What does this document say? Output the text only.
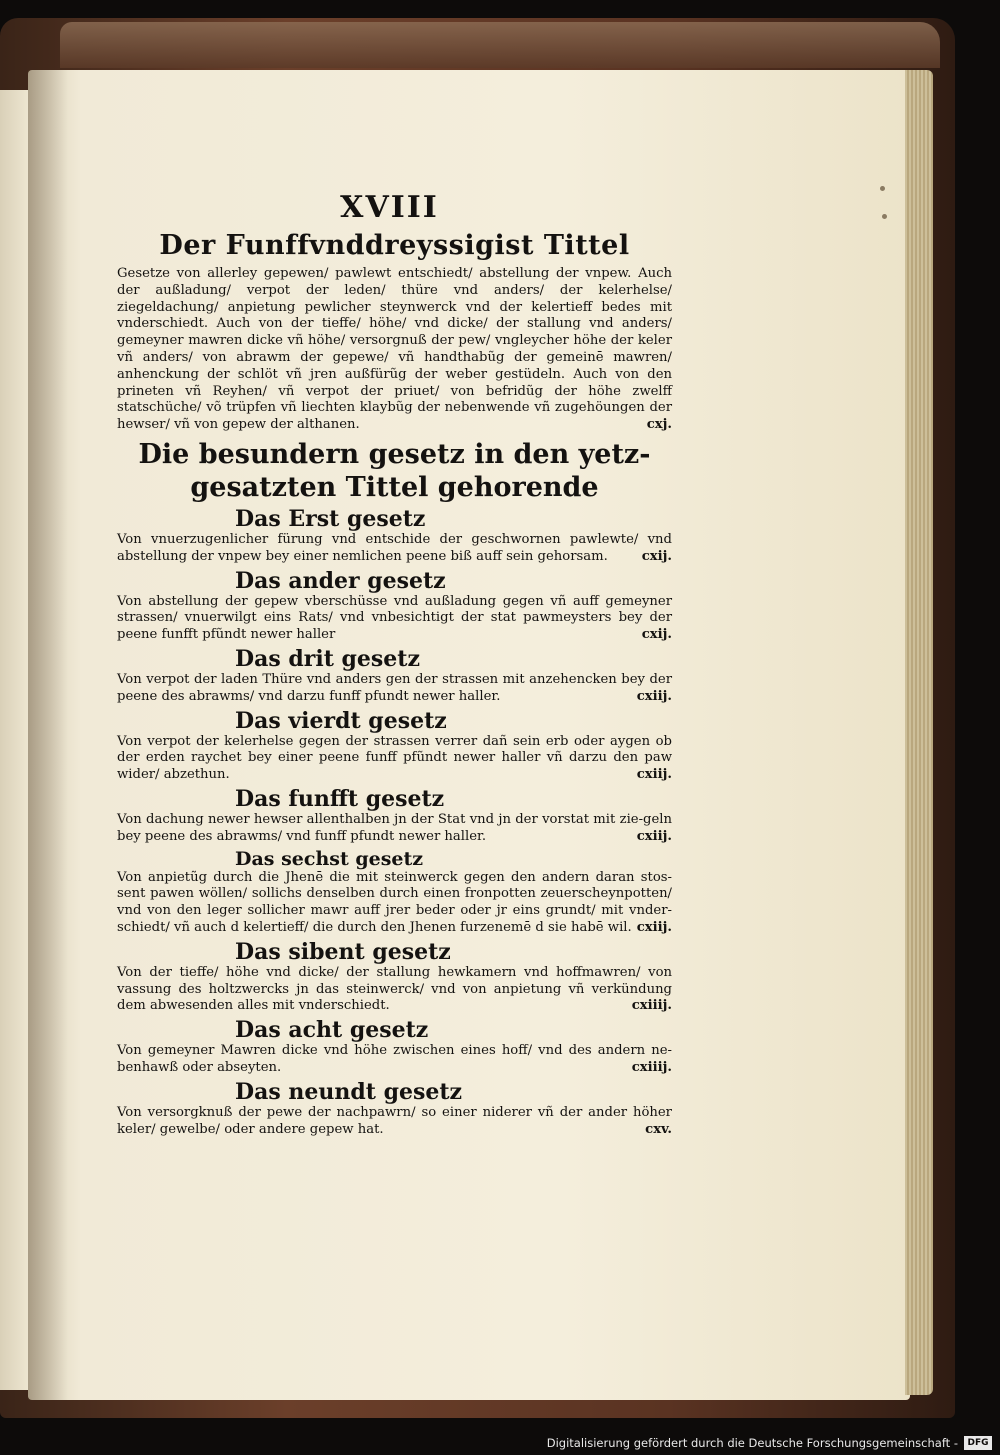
XVIII
Der Funffvnddreyssigist Tittel

Gesetze von allerley gepewen/ pawlewt entschiedt/ abstellung der vnpew. Auch der außladung/ verpot der leden/ thüre vnd anders/ der kelerhelse/ ziegeldachung/ anpietung pewlicher steynwerck vnd der kelertieff bedes mit vnderschiedt. Auch von der tieffe/ höhe/ vnd dicke/ der stallung vnd anders/ gemeyner mawren dicke vñ höhe/ versorgnuß der pew/ vngleycher höhe der keler vñ anders/ von abrawm der gepewe/ vñ handthabũg der gemeinē mawren/ anhenckung der schlöt vñ jren außfürũg der weber gestüdeln. Auch von den prineten vñ Reyhen/ vñ verpot der priuet/ von befridũg der höhe zwelff statschüche/ võ trüpfen vñ liechten klaybũg der nebenwende vñ zugehöungen der hewser/ vñ von gepew der althanen.	cxj.

Die besundern gesetz in den yetz-
gesatzten Tittel gehorende
Das Erst gesetz

Von vnuerzugenlicher fürung vnd entschide der geschwornen pawlewte/ vnd abstellung der vnpew bey einer nemlichen peene biß auff sein gehorsam.	cxij.

Das ander gesetz

Von abstellung der gepew vberschüsse vnd außladung gegen vñ auff gemeyner strassen/ vnuerwilgt eins Rats/ vnd vnbesichtigt der stat pawmeysters bey der peene funfft pfũndt newer haller	cxij.

Das drit gesetz

Von verpot der laden Thüre vnd anders gen der strassen mit anzehencken bey der peene des abrawms/ vnd darzu funff pfundt newer haller.	cxiij.

Das vierdt gesetz

Von verpot der kelerhelse gegen der strassen verrer dañ sein erb oder aygen ob der erden raychet bey einer peene funff pfũndt newer haller vñ darzu den paw wider/ abzethun.	cxiij.

Das funfft gesetz

Von dachung newer hewser allenthalben jn der Stat vnd jn der vorstat mit zie-geln bey peene des abrawms/ vnd funff pfundt newer haller.	cxiij.

Das sechst gesetz

Von anpietũg durch die Jhenē die mit steinwerck gegen den andern daran stos-sent pawen wöllen/ sollichs denselben durch einen fronpotten zeuerscheynpotten/ vnd von den leger sollicher mawr auff jrer beder oder jr eins grundt/ mit vnder-schiedt/ vñ auch d kelertieff/ die durch den Jhenen furzenemē d sie habē wil. cxiij.

Das sibent gesetz

Von der tieffe/ höhe vnd dicke/ der stallung hewkamern vnd hoffmawren/ von vassung des holtzwercks jn das steinwerck/ vnd von anpietung vñ verkündung dem abwesenden alles mit vnderschiedt.	cxiiij.

Das acht gesetz

Von gemeyner Mawren dicke vnd höhe zwischen eines hoff/ vnd des andern ne-benhawß oder abseyten.	cxiiij.

Das neundt gesetz

Von versorgknuß der pewe der nachpawrn/ so einer niderer vñ der ander höher keler/ gewelbe/ oder andere gepew hat.	cxv.

Digitalisierung gefördert durch die Deutsche Forschungsgemeinschaft -	DFG
